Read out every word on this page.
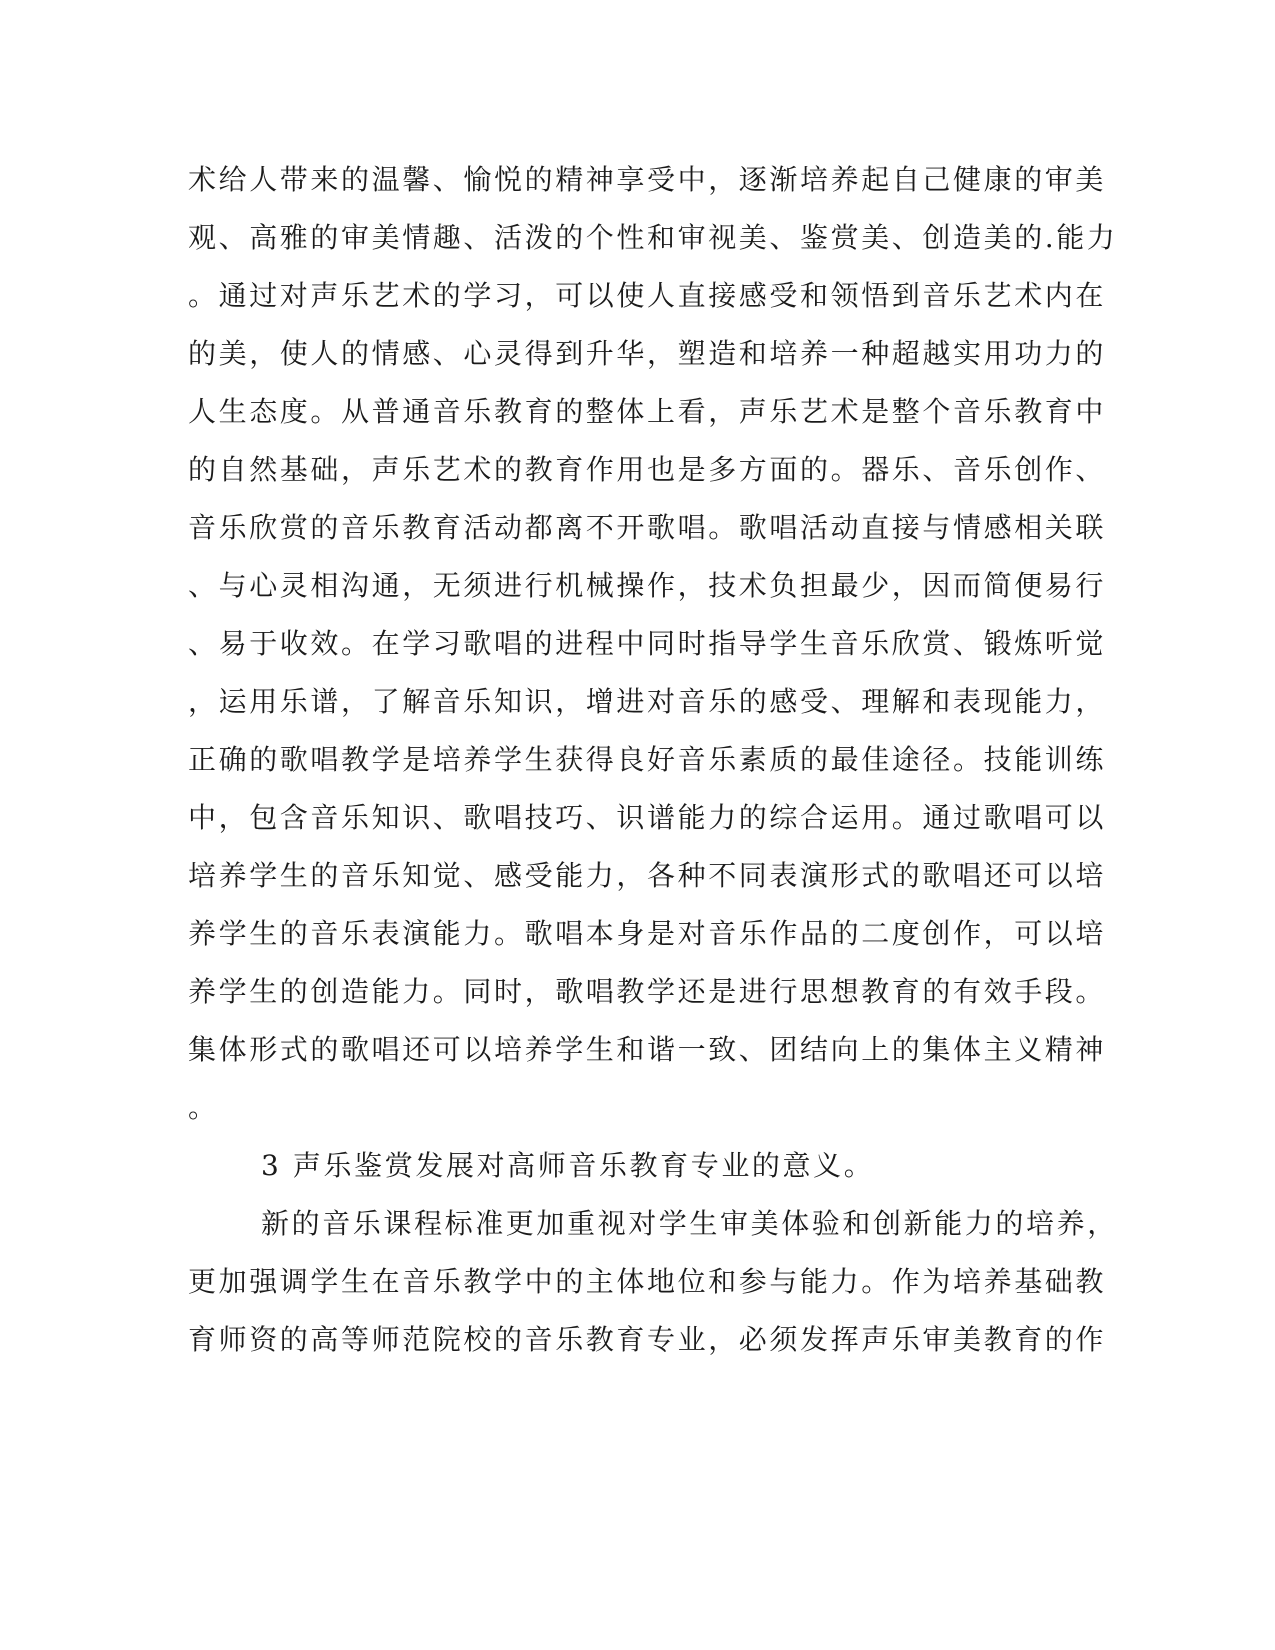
术给人带来的温馨、愉悦的精神享受中，逐渐培养起自己健康的审美
观、高雅的审美情趣、活泼的个性和审视美、鉴赏美、创造美的.能力
。通过对声乐艺术的学习，可以使人直接感受和领悟到音乐艺术内在
的美，使人的情感、心灵得到升华，塑造和培养一种超越实用功力的
人生态度。从普通音乐教育的整体上看，声乐艺术是整个音乐教育中
的自然基础，声乐艺术的教育作用也是多方面的。器乐、音乐创作、
音乐欣赏的音乐教育活动都离不开歌唱。歌唱活动直接与情感相关联
、与心灵相沟通，无须进行机械操作，技术负担最少，因而简便易行
、易于收效。在学习歌唱的进程中同时指导学生音乐欣赏、锻炼听觉
，运用乐谱，了解音乐知识，增进对音乐的感受、理解和表现能力，
正确的歌唱教学是培养学生获得良好音乐素质的最佳途径。技能训练
中，包含音乐知识、歌唱技巧、识谱能力的综合运用。通过歌唱可以
培养学生的音乐知觉、感受能力，各种不同表演形式的歌唱还可以培
养学生的音乐表演能力。歌唱本身是对音乐作品的二度创作，可以培
养学生的创造能力。同时，歌唱教学还是进行思想教育的有效手段。
集体形式的歌唱还可以培养学生和谐一致、团结向上的集体主义精神
。
3 声乐鉴赏发展对高师音乐教育专业的意义。
新的音乐课程标准更加重视对学生审美体验和创新能力的培养，
更加强调学生在音乐教学中的主体地位和参与能力。作为培养基础教
育师资的高等师范院校的音乐教育专业，必须发挥声乐审美教育的作
